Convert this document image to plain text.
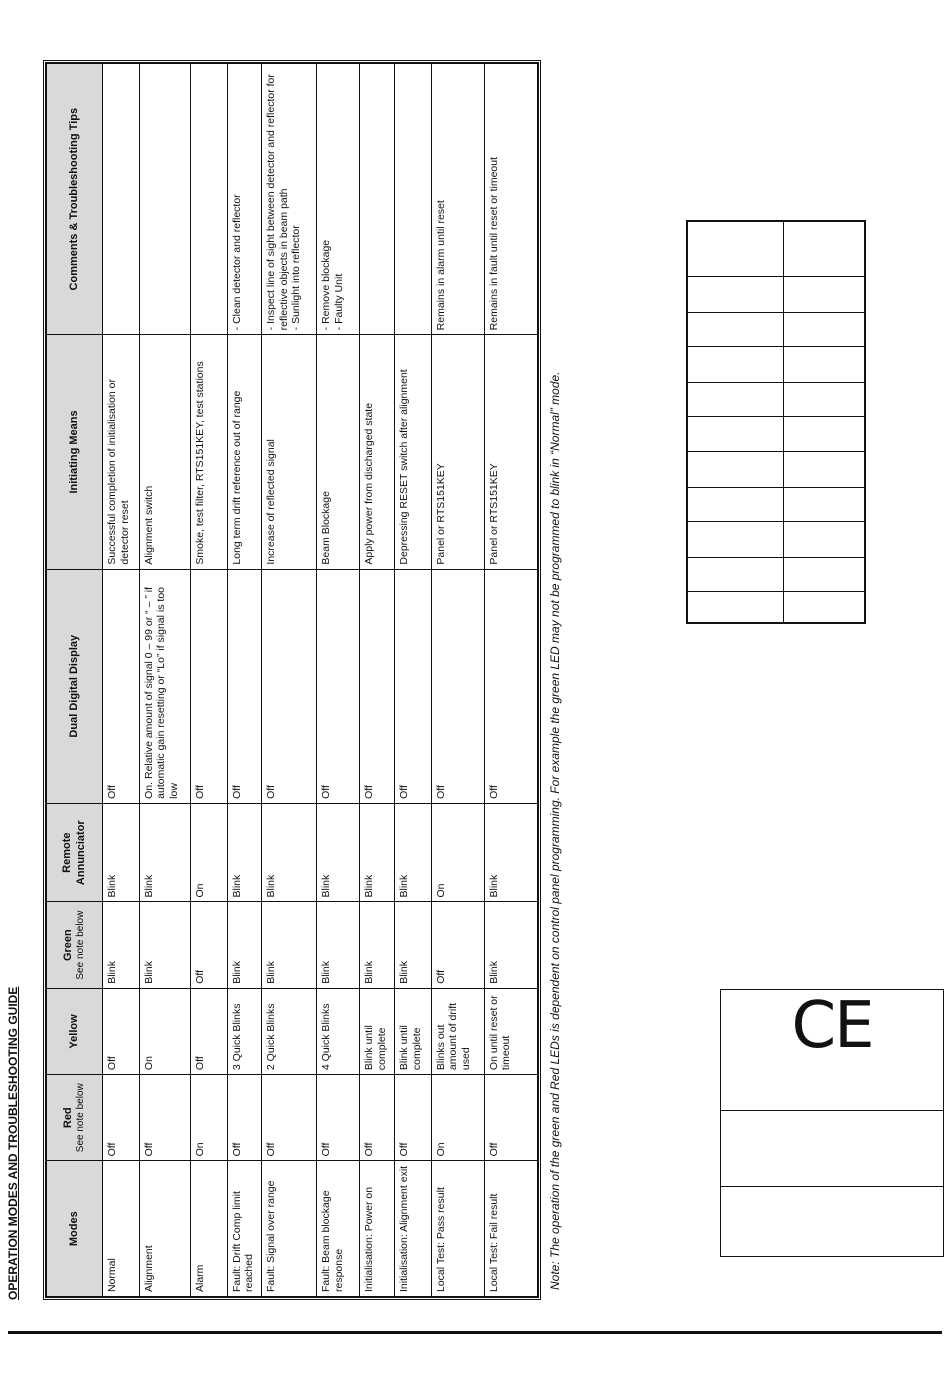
OPERATION MODES AND TROUBLESHOOTING GUIDE	Modes	Red See note below	Yellow	Green See note below	Remote Annunciator	Dual Digital Display	Initiating Means	Comments & Troubleshooting Tips

Normal	Off	Off	Blink	Blink	Off	Successful completion of initialisation or detector reset	
Alignment	Off	On	Blink	Blink	On. Relative amount of signal 0 – 99 or “ – ” if automatic gain resetting or “Lo” if signal is too low	Alignment switch	
Alarm	On	Off	Off	On	Off	Smoke, test filter, RTS151KEY, test stations	
Fault: Drift Comp limit reached	Off	3 Quick Blinks	Blink	Blink	Off	Long term drift reference out of range	- Clean detector and reflector
Fault: Signal over range	Off	2 Quick Blinks	Blink	Blink	Off	Increase of reflected signal	- Inspect line of sight between detector and reflector for reflective objects in beam path
- Sunlight into reflector
Fault: Beam blockage response	Off	4 Quick Blinks	Blink	Blink	Off	Beam Blockage	- Remove blockage
- Faulty Unit
Initialisation: Power on	Off	Blink until complete	Blink	Blink	Off	Apply power from discharged state	
Initialisation: Alignment exit	Off	Blink until complete	Blink	Blink	Off	Depressing RESET switch after alignment	
Local Test: Pass result	On	Blinks out amount of drift used	Off	On	Off	Panel or RTS151KEY	Remains in alarm until reset
Local Test: Fail result	Off	On until reset or timeout	Blink	Blink	Off	Panel or RTS151KEY	Remains in fault until reset or timeout
Note: The operation of the green and Red LEDs is dependent on control panel programming. For example the green LED may not be programmed to blink in “Normal” mode.

		CE
